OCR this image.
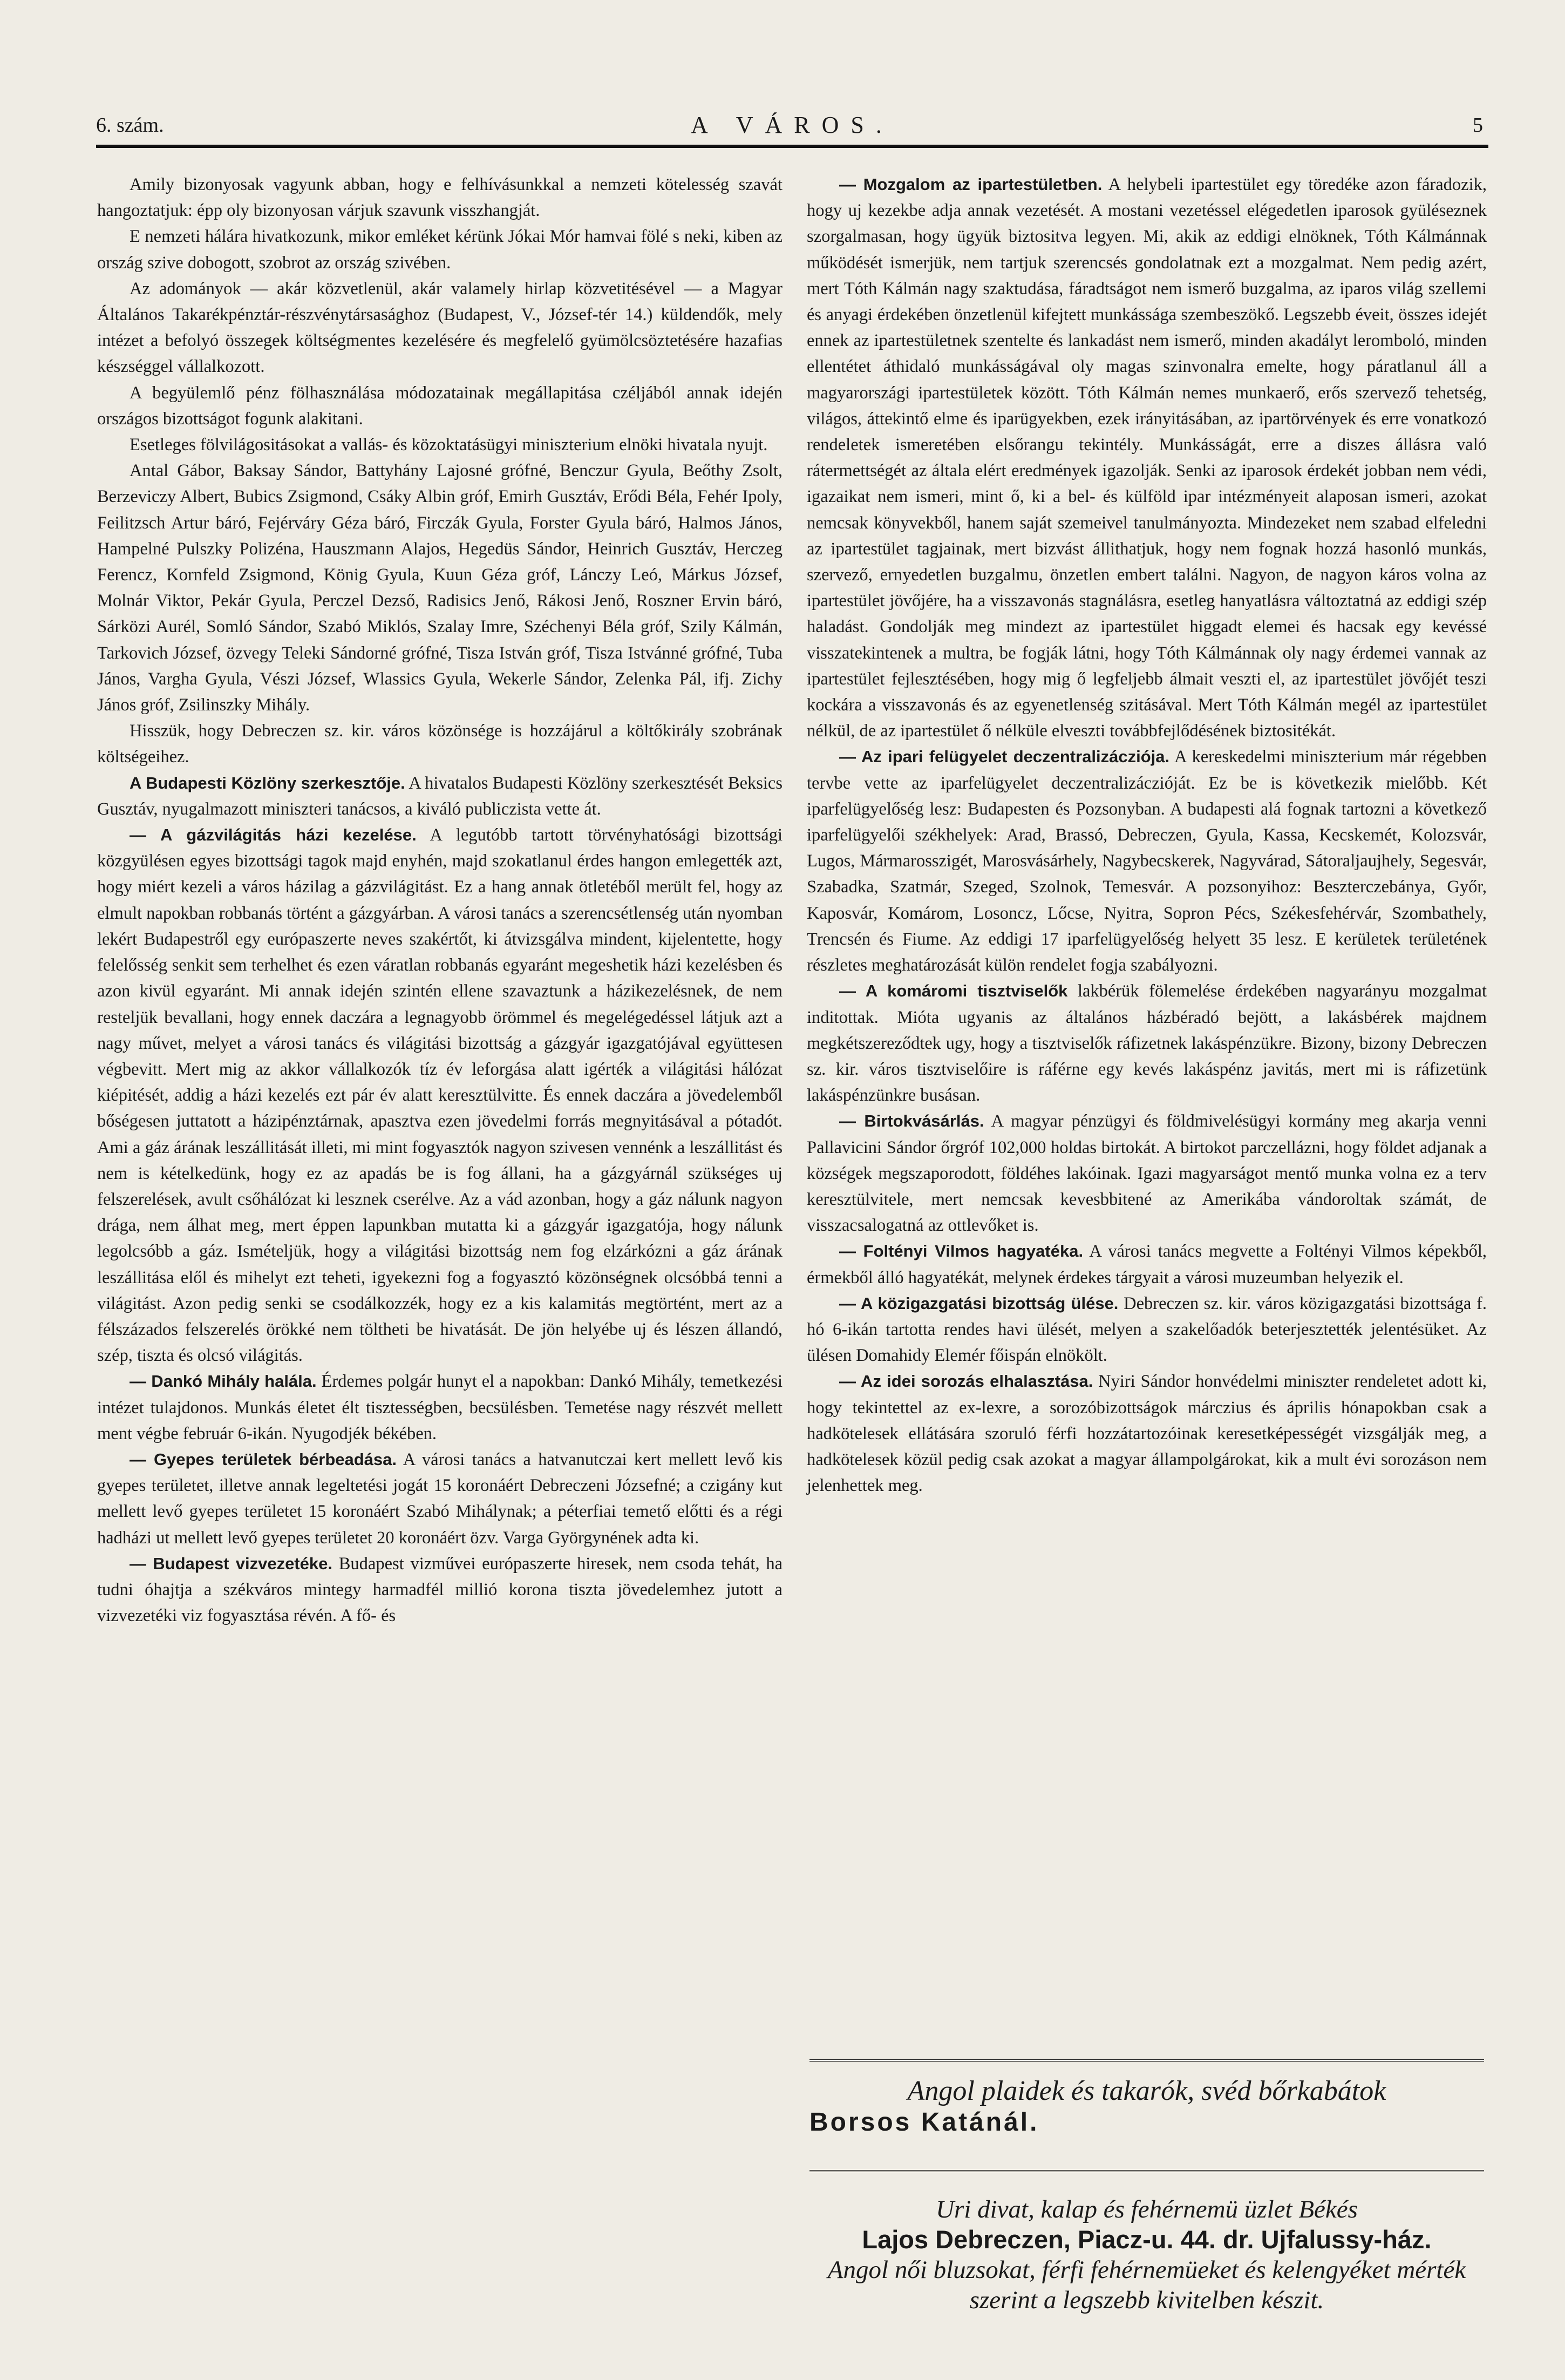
6. szám.	A VÁROS.	5

Amily bizonyosak vagyunk abban, hogy e felhívásunkkal a nemzeti kötelesség szavát hangoztatjuk: épp oly bizonyosan várjuk szavunk visszhangját.

E nemzeti hálára hivatkozunk, mikor emléket kérünk Jókai Mór hamvai fölé s neki, kiben az ország szive dobogott, szobrot az ország szivében.

Az adományok — akár közvetlenül, akár valamely hirlap közvetitésével — a Magyar Általános Takarékpénztár-részvénytársasághoz (Budapest, V., József-tér 14.) küldendők, mely intézet a befolyó összegek költségmentes kezelésére és megfelelő gyümölcsöztetésére hazafias készséggel vállalkozott.

A begyülemlő pénz fölhasználása módozatainak megállapitása czéljából annak idején országos bizottságot fogunk alakitani.

Esetleges fölvilágositásokat a vallás- és közoktatásügyi miniszterium elnöki hivatala nyujt.

Antal Gábor, Baksay Sándor, Battyhány Lajosné grófné, Benczur Gyula, Beőthy Zsolt, Berzeviczy Albert, Bubics Zsigmond, Csáky Albin gróf, Emirh Gusztáv, Erődi Béla, Fehér Ipoly, Feilitzsch Artur báró, Fejérváry Géza báró, Firczák Gyula, Forster Gyula báró, Halmos János, Hampelné Pulszky Polizéna, Hauszmann Alajos, Hegedüs Sándor, Heinrich Gusztáv, Herczeg Ferencz, Kornfeld Zsigmond, König Gyula, Kuun Géza gróf, Lánczy Leó, Márkus József, Molnár Viktor, Pekár Gyula, Perczel Dezső, Radisics Jenő, Rákosi Jenő, Roszner Ervin báró, Sárközi Aurél, Somló Sándor, Szabó Miklós, Szalay Imre, Széchenyi Béla gróf, Szily Kálmán, Tarkovich József, özvegy Teleki Sándorné grófné, Tisza István gróf, Tisza Istvánné grófné, Tuba János, Vargha Gyula, Vészi József, Wlassics Gyula, Wekerle Sándor, Zelenka Pál, ifj. Zichy János gróf, Zsilinszky Mihály.

Hisszük, hogy Debreczen sz. kir. város közönsége is hozzájárul a költőkirály szobrának költségeihez.

A Budapesti Közlöny szerkesztője. A hivatalos Budapesti Közlöny szerkesztését Beksics Gusztáv, nyugalmazott miniszteri tanácsos, a kiváló publiczista vette át.

— A gázvilágitás házi kezelése. A legutóbb tartott törvényhatósági bizottsági közgyülésen egyes bizottsági tagok majd enyhén, majd szokatlanul érdes hangon emlegették azt, hogy miért kezeli a város házilag a gázvilágitást. Ez a hang annak ötletéből merült fel, hogy az elmult napokban robbanás történt a gázgyárban. A városi tanács a szerencsétlenség után nyomban lekért Budapestről egy európaszerte neves szakértőt, ki átvizsgálva mindent, kijelentette, hogy felelősség senkit sem terhelhet és ezen váratlan robbanás egyaránt megeshetik házi kezelésben és azon kivül egyaránt. Mi annak idején szintén ellene szavaztunk a házikezelésnek, de nem resteljük bevallani, hogy ennek daczára a legnagyobb örömmel és megelégedéssel látjuk azt a nagy művet, melyet a városi tanács és világitási bizottság a gázgyár igazgatójával együttesen végbevitt. Mert mig az akkor vállalkozók tíz év leforgása alatt igérték a világitási hálózat kiépitését, addig a házi kezelés ezt pár év alatt keresztülvitte. És ennek daczára a jövedelemből bőségesen juttatott a házipénztárnak, apasztva ezen jövedelmi forrás megnyitásával a pótadót. Ami a gáz árának leszállitását illeti, mi mint fogyasztók nagyon szivesen vennénk a leszállitást és nem is kételkedünk, hogy ez az apadás be is fog állani, ha a gázgyárnál szükséges uj felszerelések, avult csőhálózat ki lesznek cserélve. Az a vád azonban, hogy a gáz nálunk nagyon drága, nem álhat meg, mert éppen lapunkban mutatta ki a gázgyár igazgatója, hogy nálunk legolcsóbb a gáz. Ismételjük, hogy a világitási bizottság nem fog elzárkózni a gáz árának leszállitása elől és mihelyt ezt teheti, igyekezni fog a fogyasztó közönségnek olcsóbbá tenni a világitást. Azon pedig senki se csodálkozzék, hogy ez a kis kalamitás megtörtént, mert az a félszázados felszerelés örökké nem töltheti be hivatását. De jön helyébe uj és lészen állandó, szép, tiszta és olcsó világitás.

— Dankó Mihály halála. Érdemes polgár hunyt el a napokban: Dankó Mihály, temetkezési intézet tulajdonos. Munkás életet élt tisztességben, becsülésben. Temetése nagy részvét mellett ment végbe február 6-ikán. Nyugodjék békében.

— Gyepes területek bérbeadása. A városi tanács a hatvanutczai kert mellett levő kis gyepes területet, illetve annak legeltetési jogát 15 koronáért Debreczeni Józsefné; a czigány kut mellett levő gyepes területet 15 koronáért Szabó Mihálynak; a péterfiai temető előtti és a régi hadházi ut mellett levő gyepes területet 20 koronáért özv. Varga Györgynének adta ki.

— Budapest vizvezetéke. Budapest vizművei európaszerte hiresek, nem csoda tehát, ha tudni óhajtja a székváros mintegy harmadfél millió korona tiszta jövedelemhez jutott a vizvezetéki viz fogyasztása révén. A fő- és

— Mozgalom az ipartestületben. A helybeli ipartestület egy töredéke azon fáradozik, hogy uj kezekbe adja annak vezetését. A mostani vezetéssel elégedetlen iparosok gyüléseznek szorgalmasan, hogy ügyük biztositva legyen. Mi, akik az eddigi elnöknek, Tóth Kálmánnak működését ismerjük, nem tartjuk szerencsés gondolatnak ezt a mozgalmat. Nem pedig azért, mert Tóth Kálmán nagy szaktudása, fáradtságot nem ismerő buzgalma, az iparos világ szellemi és anyagi érdekében önzetlenül kifejtett munkássága szembeszökő. Legszebb éveit, összes idejét ennek az ipartestületnek szentelte és lankadást nem ismerő, minden akadályt leromboló, minden ellentétet áthidaló munkásságával oly magas szinvonalra emelte, hogy páratlanul áll a magyarországi ipartestületek között. Tóth Kálmán nemes munkaerő, erős szervező tehetség, világos, áttekintő elme és iparügyekben, ezek irányitásában, az ipartörvények és erre vonatkozó rendeletek ismeretében elsőrangu tekintély. Munkásságát, erre a diszes állásra való rátermettségét az általa elért eredmények igazolják. Senki az iparosok érdekét jobban nem védi, igazaikat nem ismeri, mint ő, ki a bel- és külföld ipar intézményeit alaposan ismeri, azokat nemcsak könyvekből, hanem saját szemeivel tanulmányozta. Mindezeket nem szabad elfeledni az ipartestület tagjainak, mert bizvást állithatjuk, hogy nem fognak hozzá hasonló munkás, szervező, ernyedetlen buzgalmu, önzetlen embert találni. Nagyon, de nagyon káros volna az ipartestület jövőjére, ha a visszavonás stagnálásra, esetleg hanyatlásra változtatná az eddigi szép haladást. Gondolják meg mindezt az ipartestület higgadt elemei és hacsak egy kevéssé visszatekintenek a multra, be fogják látni, hogy Tóth Kálmánnak oly nagy érdemei vannak az ipartestület fejlesztésében, hogy mig ő legfeljebb álmait veszti el, az ipartestület jövőjét teszi kockára a visszavonás és az egyenetlenség szitásával. Mert Tóth Kálmán megél az ipartestület nélkül, de az ipartestület ő nélküle elveszti továbbfejlődésének biztositékát.

— Az ipari felügyelet deczentralizácziója. A kereskedelmi miniszterium már régebben tervbe vette az iparfelügyelet deczentralizáczióját. Ez be is következik mielőbb. Két iparfelügyelőség lesz: Budapesten és Pozsonyban. A budapesti alá fognak tartozni a következő iparfelügyelői székhelyek: Arad, Brassó, Debreczen, Gyula, Kassa, Kecskemét, Kolozsvár, Lugos, Mármarosszigét, Marosvásárhely, Nagybecskerek, Nagyvárad, Sátoraljaujhely, Segesvár, Szabadka, Szatmár, Szeged, Szolnok, Temesvár. A pozsonyihoz: Beszterczebánya, Győr, Kaposvár, Komárom, Losoncz, Lőcse, Nyitra, Sopron Pécs, Székesfehérvár, Szombathely, Trencsén és Fiume. Az eddigi 17 iparfelügyelőség helyett 35 lesz. E kerületek területének részletes meghatározását külön rendelet fogja szabályozni.

— A komáromi tisztviselők lakbérük fölemelése érdekében nagyarányu mozgalmat inditottak. Mióta ugyanis az általános házbéradó bejött, a lakásbérek majdnem megkétszereződtek ugy, hogy a tisztviselők ráfizetnek lakáspénzükre. Bizony, bizony Debreczen sz. kir. város tisztviselőire is ráférne egy kevés lakáspénz javitás, mert mi is ráfizetünk lakáspénzünkre busásan.

— Birtokvásárlás. A magyar pénzügyi és földmivelésügyi kormány meg akarja venni Pallavicini Sándor őrgróf 102,000 holdas birtokát. A birtokot parczellázni, hogy földet adjanak a községek megszaporodott, földéhes lakóinak. Igazi magyarságot mentő munka volna ez a terv keresztülvitele, mert nemcsak kevesbbitené az Amerikába vándoroltak számát, de visszacsalogatná az ottlevőket is.

— Foltényi Vilmos hagyatéka. A városi tanács megvette a Foltényi Vilmos képekből, érmekből álló hagyatékát, melynek érdekes tárgyait a városi muzeumban helyezik el.

— A közigazgatási bizottság ülése. Debreczen sz. kir. város közigazgatási bizottsága f. hó 6-ikán tartotta rendes havi ülését, melyen a szakelőadók beterjesztették jelentésüket. Az ülésen Domahidy Elemér főispán elnökölt.

— Az idei sorozás elhalasztása. Nyiri Sándor honvédelmi miniszter rendeletet adott ki, hogy tekintettel az ex-lexre, a sorozóbizottságok márczius és április hónapokban csak a hadkötelesek ellátására szoruló férfi hozzátartozóinak keresetképességét vizsgálják meg, a hadkötelesek közül pedig csak azokat a magyar állampolgárokat, kik a mult évi sorozáson nem jelenhettek meg.

Angol plaidek és takarók, svéd bőrkabátok
Borsos Katánál.
Uri divat, kalap és fehérnemü üzlet Békés
Lajos Debreczen, Piacz-u. 44. dr. Ujfalussy-ház.
Angol női bluzsokat, férfi fehérnemüeket és kelengyéket mérték szerint a legszebb kivitelben készit.
